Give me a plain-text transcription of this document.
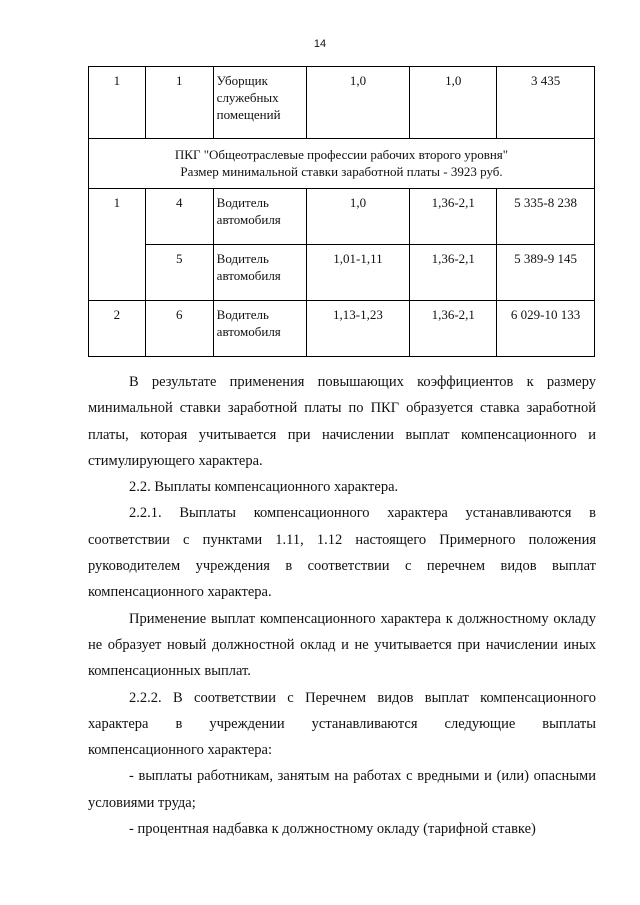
14
1	1	Уборщик служебных помещений	1,0	1,0	3 435

ПКГ "Общеотраслевые профессии рабочих второго уровня"
Размер минимальной ставки заработной платы - 3923 руб.					

1	4	Водитель автомобиля	1,0	1,36-2,1	5 335-8 238
	5	Водитель автомобиля	1,01-1,11	1,36-2,1	5 389-9 145
2	6	Водитель автомобиля	1,13-1,23	1,36-2,1	6 029-10 133

В результате применения повышающих коэффициентов к размеру минимальной ставки заработной платы по ПКГ образуется ставка заработной платы, которая учитывается при начислении выплат компенсационного и стимулирующего характера.

2.2. Выплаты компенсационного характера.

2.2.1. Выплаты компенсационного характера устанавливаются в соответствии с пунктами 1.11, 1.12 настоящего Примерного положения руководителем учреждения в соответствии с перечнем видов выплат компенсационного характера.

Применение выплат компенсационного характера к должностному окладу не образует новый должностной оклад и не учитывается при начислении иных компенсационных выплат.

2.2.2. В соответствии с Перечнем видов выплат компенсационного характера в учреждении устанавливаются следующие выплаты компенсационного характера:

- выплаты работникам, занятым на работах с вредными и (или) опасными условиями труда;

- процентная надбавка к должностному окладу (тарифной ставке)
